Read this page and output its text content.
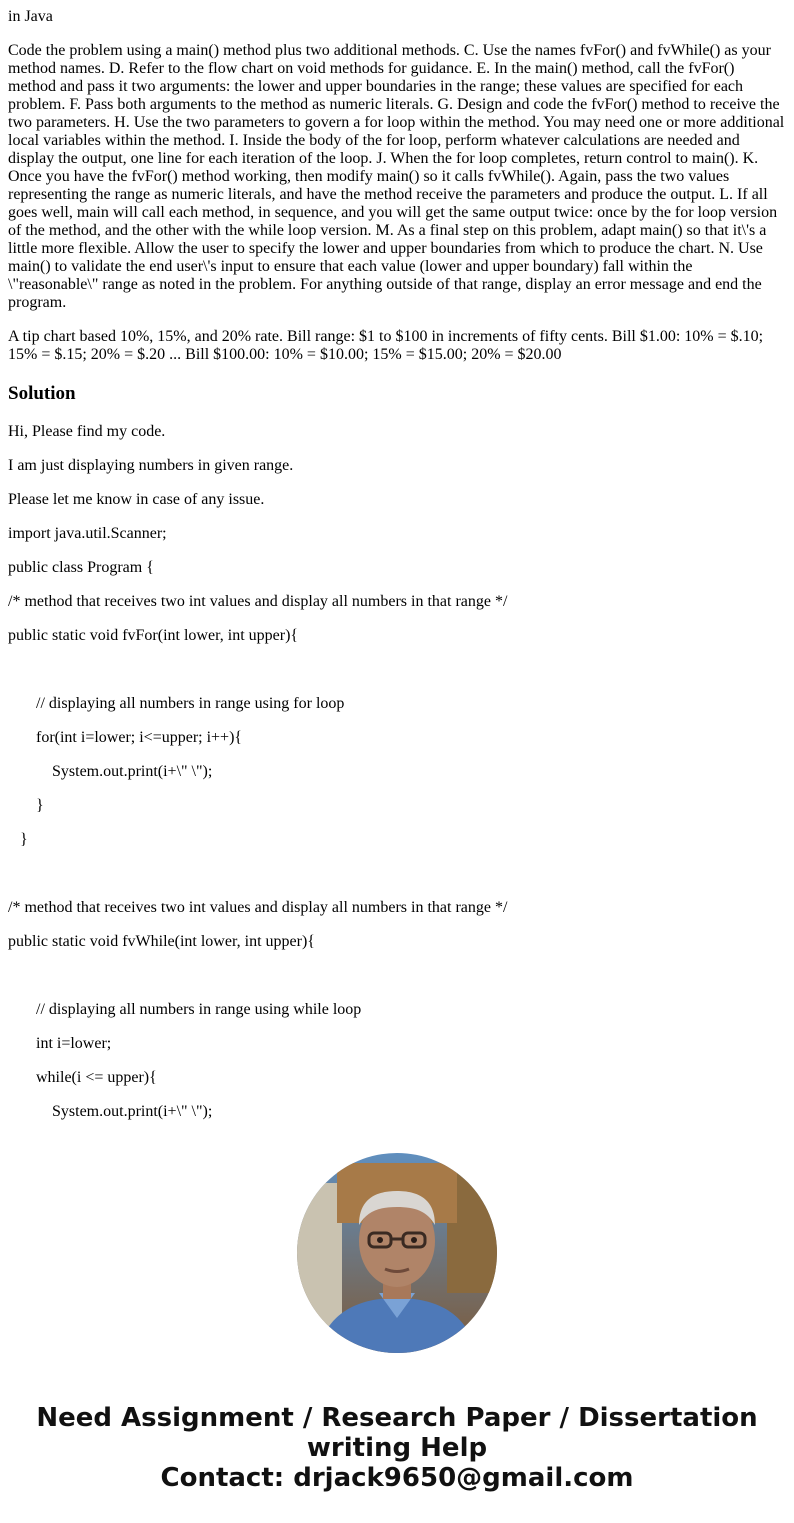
in Java

Code the problem using a main() method plus two additional methods. C. Use the names fvFor() and fvWhile() as your method names. D. Refer to the flow chart on void methods for guidance. E. In the main() method, call the fvFor() method and pass it two arguments: the lower and upper boundaries in the range; these values are specified for each problem. F. Pass both arguments to the method as numeric literals. G. Design and code the fvFor() method to receive the two parameters. H. Use the two parameters to govern a for loop within the method. You may need one or more additional local variables within the method. I. Inside the body of the for loop, perform whatever calculations are needed and display the output, one line for each iteration of the loop. J. When the for loop completes, return control to main(). K. Once you have the fvFor() method working, then modify main() so it calls fvWhile(). Again, pass the two values representing the range as numeric literals, and have the method receive the parameters and produce the output. L. If all goes well, main will call each method, in sequence, and you will get the same output twice: once by the for loop version of the method, and the other with the while loop version. M. As a final step on this problem, adapt main() so that it\'s a little more flexible. Allow the user to specify the lower and upper boundaries from which to produce the chart. N. Use main() to validate the end user\'s input to ensure that each value (lower and upper boundary) fall within the \"reasonable\" range as noted in the problem. For anything outside of that range, display an error message and end the program.

A tip chart based 10%, 15%, and 20% rate. Bill range: $1 to $100 in increments of fifty cents. Bill $1.00: 10% = $.10; 15% = $.15; 20% = $.20 ... Bill $100.00: 10% = $10.00; 15% = $15.00; 20% = $20.00

Solution

Hi, Please find my code.

I am just displaying numbers in given range.

Please let me know in case of any issue.

import java.util.Scanner;

public class Program {

/* method that receives two int values and display all numbers in that range */

public static void fvFor(int lower, int upper){

// displaying all numbers in range using for loop

for(int i=lower; i<=upper; i++){

System.out.print(i+\" \");

}

}

/* method that receives two int values and display all numbers in that range */

public static void fvWhile(int lower, int upper){

// displaying all numbers in range using while loop

int i=lower;

while(i <= upper){

System.out.print(i+\" \");

Need Assignment / Research Paper / Dissertation
writing Help
Contact: drjack9650@gmail.com
